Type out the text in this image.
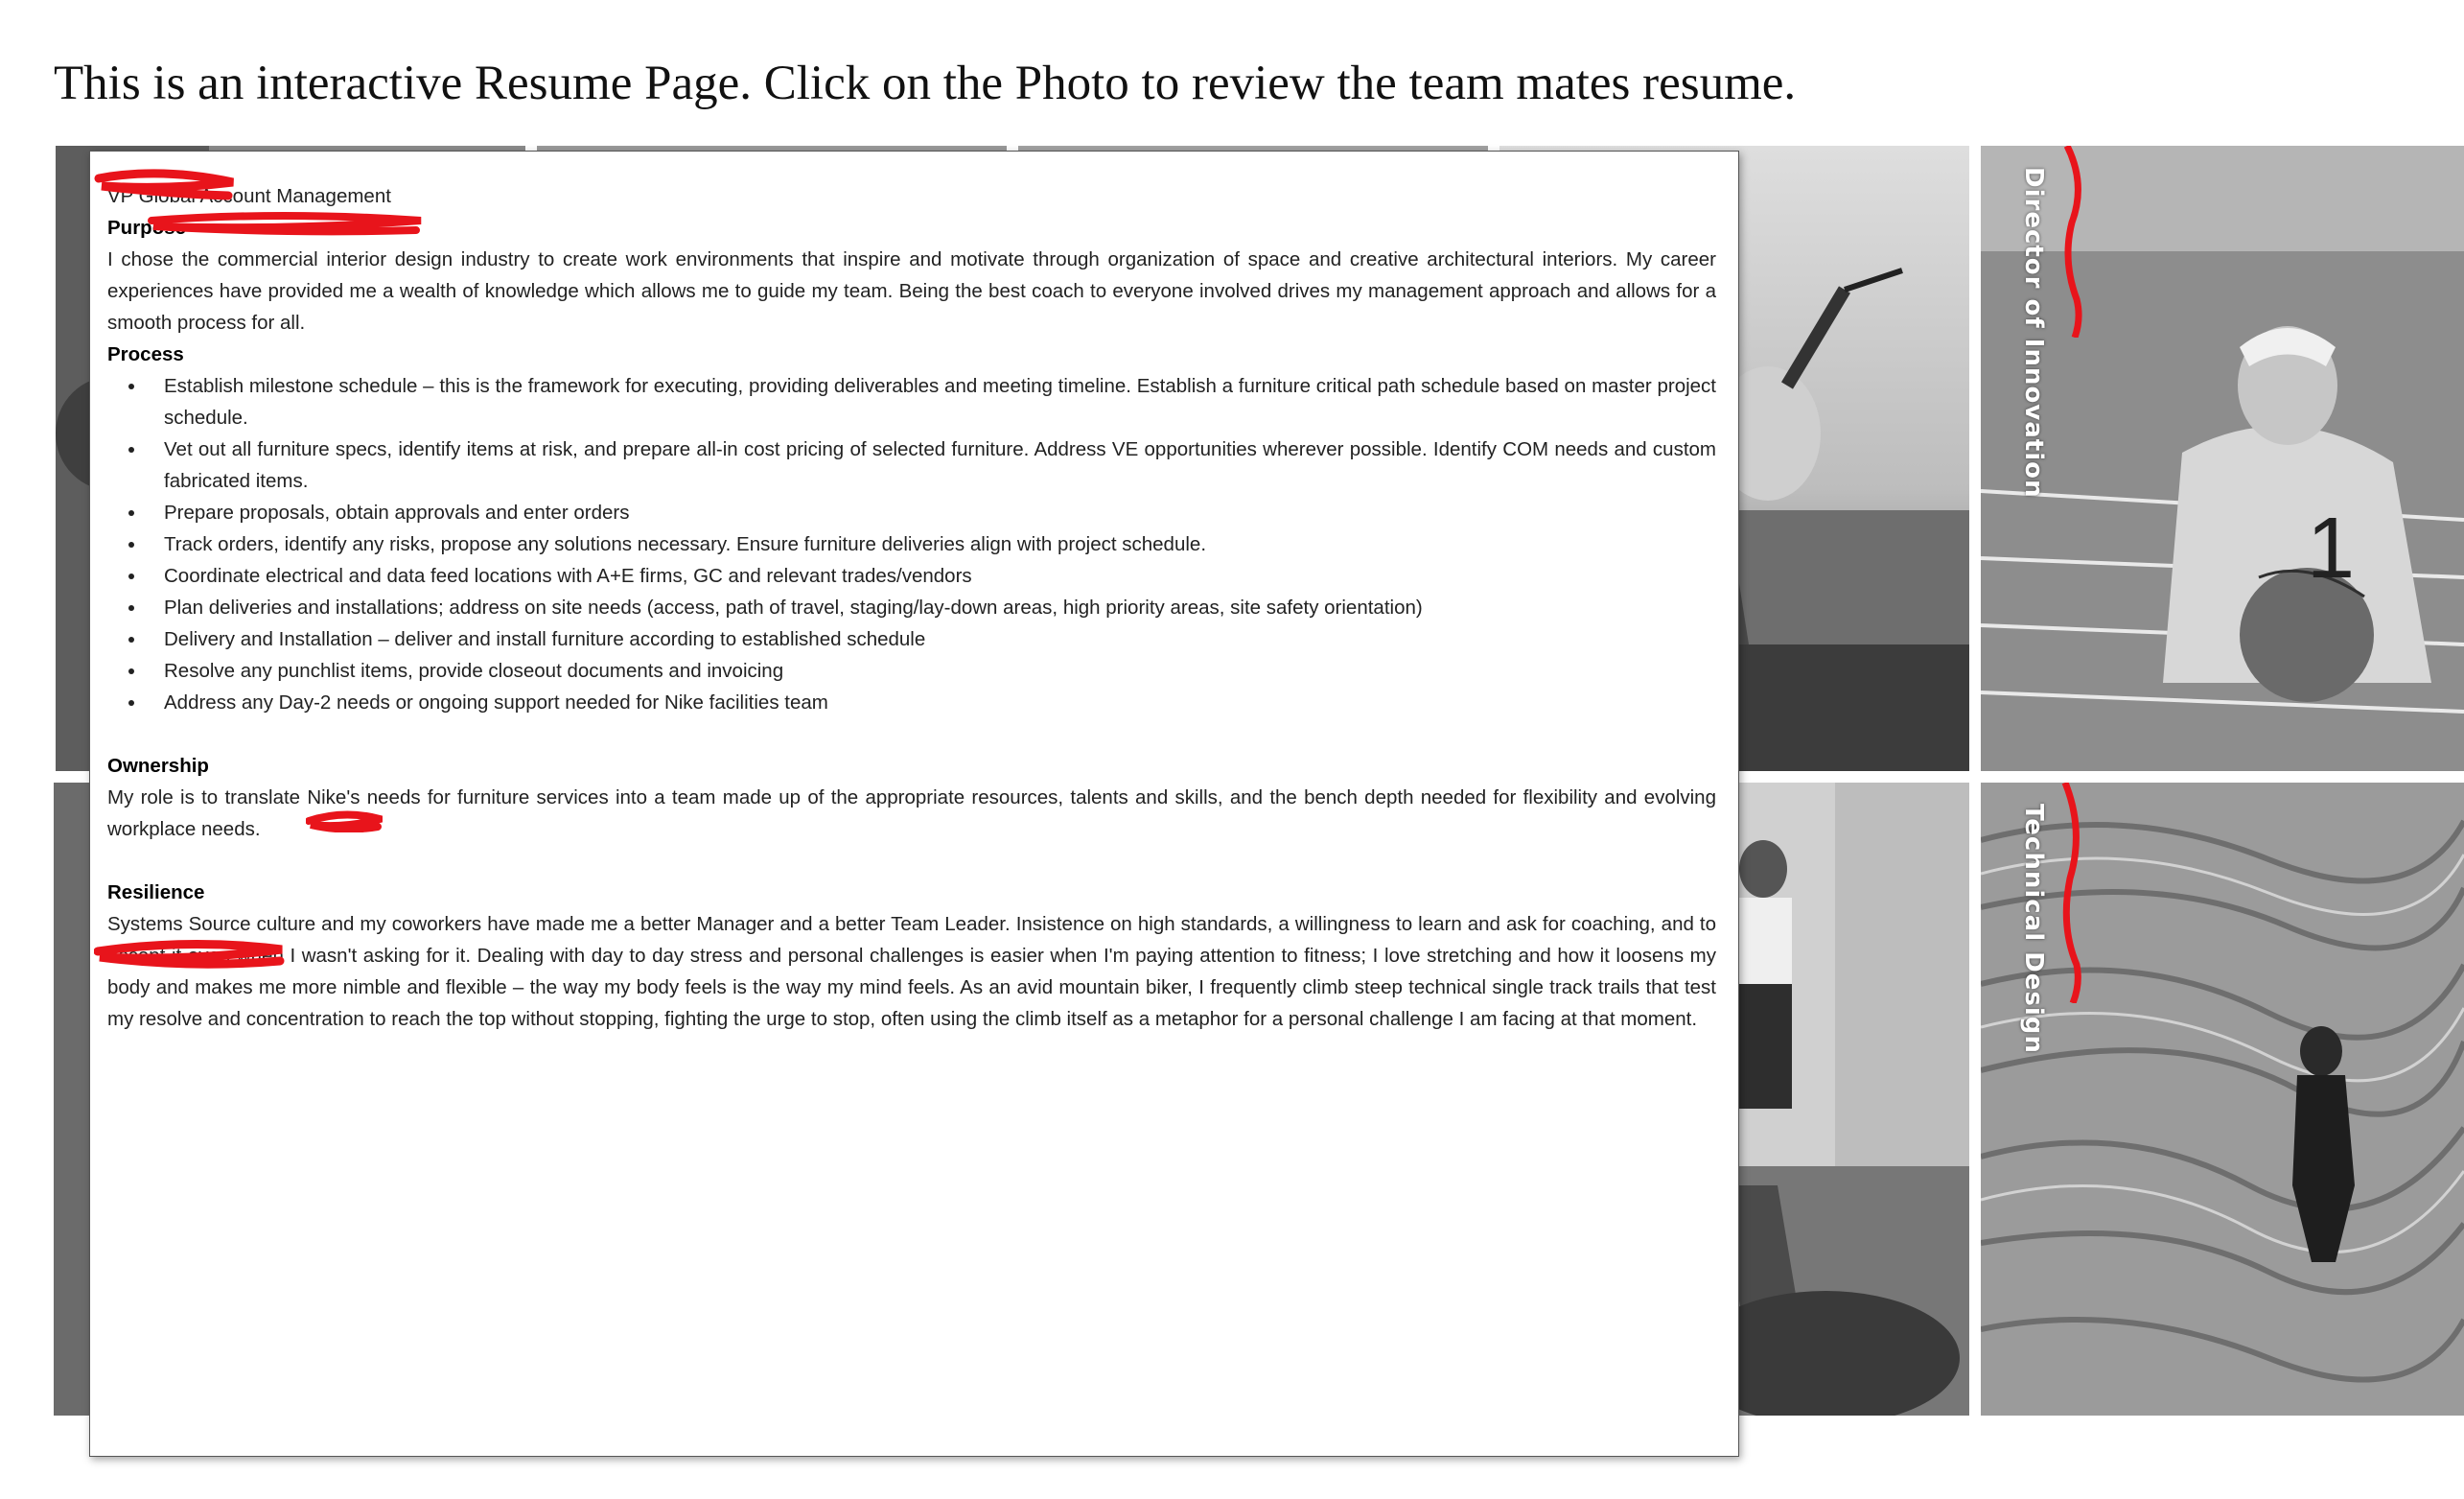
This is an interactive Resume Page. Click on the Photo to review the team mates resume.
1
Director of Innovation
Technical Design

VP Global Account Management

Purpose

I chose the commercial interior design industry to create work environments that inspire and motivate through organization of space and creative architectural interiors. My career experiences have provided me a wealth of knowledge which allows me to guide my team. Being the best coach to everyone involved drives my management approach and allows for a smooth process for all.

Process

• Establish milestone schedule – this is the framework for executing, providing deliverables and meeting timeline. Establish a furniture critical path schedule based on master project schedule.
• Vet out all furniture specs, identify items at risk, and prepare all-in cost pricing of selected furniture. Address VE opportunities wherever possible. Identify COM needs and custom fabricated items.
• Prepare proposals, obtain approvals and enter orders
• Track orders, identify any risks, propose any solutions necessary. Ensure furniture deliveries align with project schedule.
• Coordinate electrical and data feed locations with A+E firms, GC and relevant trades/vendors
• Plan deliveries and installations; address on site needs (access, path of travel, staging/lay-down areas, high priority areas, site safety orientation)
• Delivery and Installation – deliver and install furniture according to established schedule
• Resolve any punchlist items, provide closeout documents and invoicing
• Address any Day-2 needs or ongoing support needed for Nike facilities team

Ownership

My role is to translate Nike's needs for furniture services into a team made up of the appropriate resources, talents and skills, and the bench depth needed for flexibility and evolving workplace needs.

Resilience

Systems Source culture and my coworkers have made me a better Manager and a better Team Leader. Insistence on high standards, a willingness to learn and ask for coaching, and to accept it even when I wasn't asking for it. Dealing with day to day stress and personal challenges is easier when I'm paying attention to fitness; I love stretching and how it loosens my body and makes me more nimble and flexible – the way my body feels is the way my mind feels. As an avid mountain biker, I frequently climb steep technical single track trails that test my resolve and concentration to reach the top without stopping, fighting the urge to stop, often using the climb itself as a metaphor for a personal challenge I am facing at that moment.
